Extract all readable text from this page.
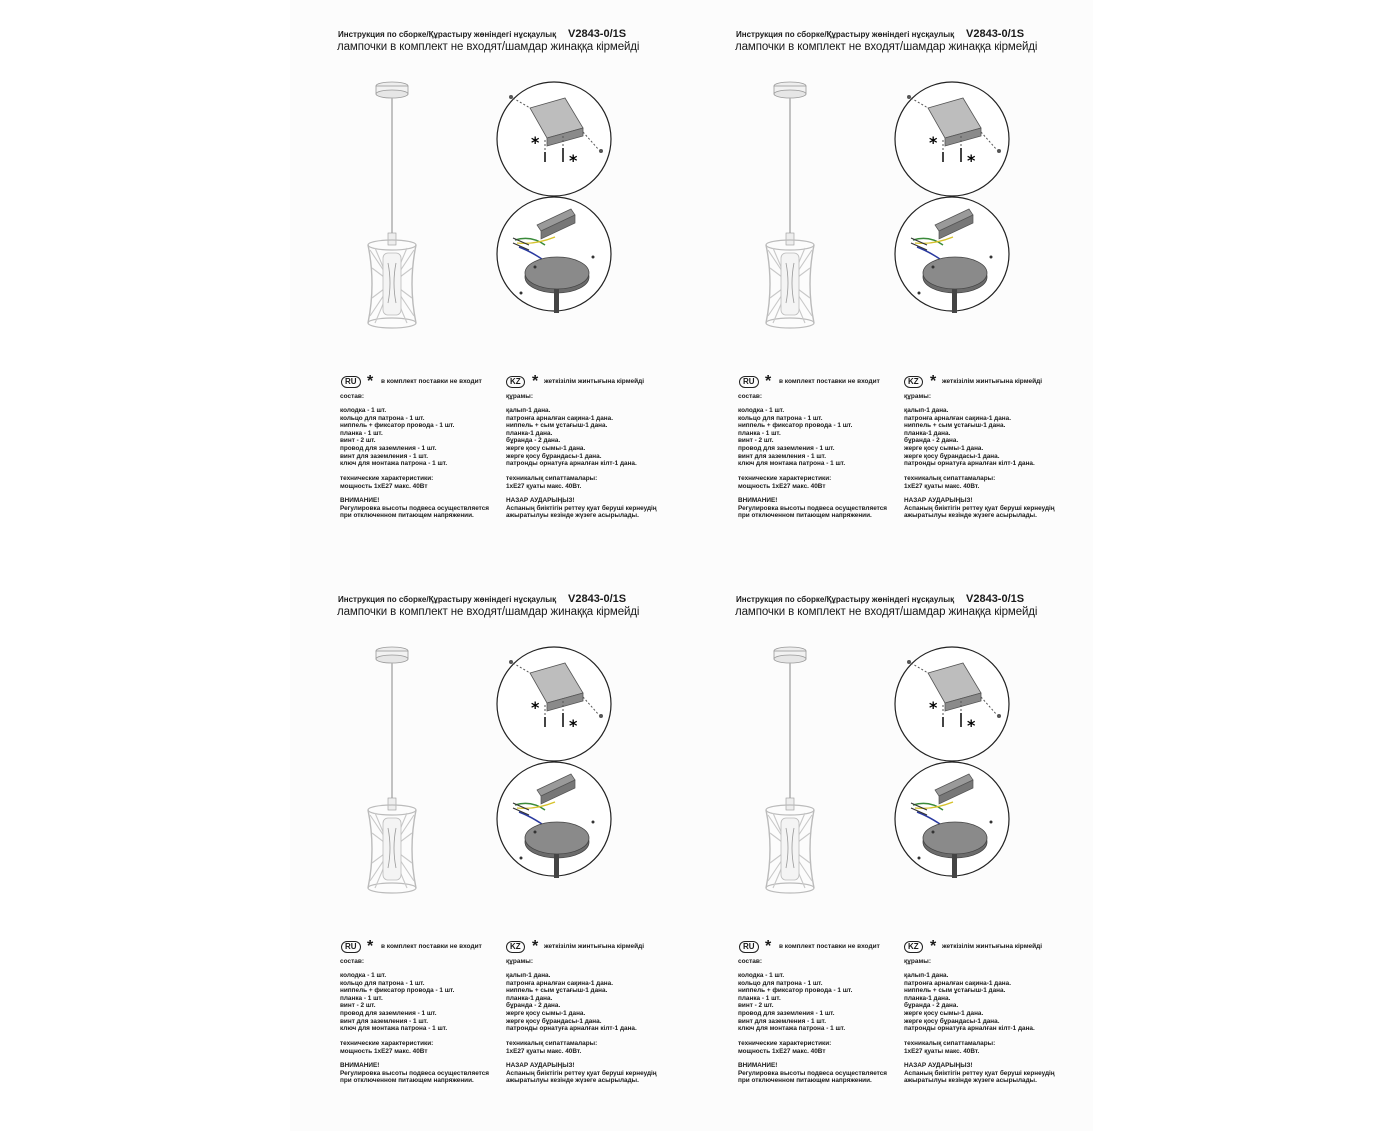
Инструкция по сборке/Құрастыру жөніндегі нұсқаулық V2843-0/1S
лампочки в комплект не входят/шамдар жинаққа кірмейді
*
*
RU * в комплект поставки не входит
состав:
колодка - 1 шт.
кольцо для патрона - 1 шт.
ниппель + фиксатор провода - 1 шт.
планка - 1 шт.
винт - 2 шт.
провод для заземления - 1 шт.
винт для заземления - 1 шт.
ключ для монтажа патрона - 1 шт.
технические характеристики:
мощность 1xE27 макс. 40Вт
ВНИМАНИЕ!
Регулировка высоты подвеса осуществляется
при отключенном питающем напряжении.
KZ * жеткізілім жинтығына кірмейді
құрамы:
қалып-1 дана.
патронға арналған сақина-1 дана.
ниппель + сым ұстағыш-1 дана.
планка-1 дана.
бұранда - 2 дана.
жерге қосу сымы-1 дана.
жерге қосу бұрандасы-1 дана.
патронды орнатуға арналған кілт-1 дана.
техникалық сипаттамалары:
1xE27 қуаты макс. 40Вт.
НАЗАР АУДАРЫҢЫЗ!
Аспаның биіктігін реттеу қуат беруші кернеудің
ажыратылуы кезінде жүзеге асырылады.
Инструкция по сборке/Құрастыру жөніндегі нұсқаулық V2843-0/1S
лампочки в комплект не входят/шамдар жинаққа кірмейді
*
*
RU * в комплект поставки не входит
состав:
колодка - 1 шт.
кольцо для патрона - 1 шт.
ниппель + фиксатор провода - 1 шт.
планка - 1 шт.
винт - 2 шт.
провод для заземления - 1 шт.
винт для заземления - 1 шт.
ключ для монтажа патрона - 1 шт.
технические характеристики:
мощность 1xE27 макс. 40Вт
ВНИМАНИЕ!
Регулировка высоты подвеса осуществляется
при отключенном питающем напряжении.
KZ * жеткізілім жинтығына кірмейді
құрамы:
қалып-1 дана.
патронға арналған сақина-1 дана.
ниппель + сым ұстағыш-1 дана.
планка-1 дана.
бұранда - 2 дана.
жерге қосу сымы-1 дана.
жерге қосу бұрандасы-1 дана.
патронды орнатуға арналған кілт-1 дана.
техникалық сипаттамалары:
1xE27 қуаты макс. 40Вт.
НАЗАР АУДАРЫҢЫЗ!
Аспаның биіктігін реттеу қуат беруші кернеудің
ажыратылуы кезінде жүзеге асырылады.
Инструкция по сборке/Құрастыру жөніндегі нұсқаулық V2843-0/1S
лампочки в комплект не входят/шамдар жинаққа кірмейді
*
*
RU * в комплект поставки не входит
состав:
колодка - 1 шт.
кольцо для патрона - 1 шт.
ниппель + фиксатор провода - 1 шт.
планка - 1 шт.
винт - 2 шт.
провод для заземления - 1 шт.
винт для заземления - 1 шт.
ключ для монтажа патрона - 1 шт.
технические характеристики:
мощность 1xE27 макс. 40Вт
ВНИМАНИЕ!
Регулировка высоты подвеса осуществляется
при отключенном питающем напряжении.
KZ * жеткізілім жинтығына кірмейді
құрамы:
қалып-1 дана.
патронға арналған сақина-1 дана.
ниппель + сым ұстағыш-1 дана.
планка-1 дана.
бұранда - 2 дана.
жерге қосу сымы-1 дана.
жерге қосу бұрандасы-1 дана.
патронды орнатуға арналған кілт-1 дана.
техникалық сипаттамалары:
1xE27 қуаты макс. 40Вт.
НАЗАР АУДАРЫҢЫЗ!
Аспаның биіктігін реттеу қуат беруші кернеудің
ажыратылуы кезінде жүзеге асырылады.
Инструкция по сборке/Құрастыру жөніндегі нұсқаулық V2843-0/1S
лампочки в комплект не входят/шамдар жинаққа кірмейді
*
*
RU * в комплект поставки не входит
состав:
колодка - 1 шт.
кольцо для патрона - 1 шт.
ниппель + фиксатор провода - 1 шт.
планка - 1 шт.
винт - 2 шт.
провод для заземления - 1 шт.
винт для заземления - 1 шт.
ключ для монтажа патрона - 1 шт.
технические характеристики:
мощность 1xE27 макс. 40Вт
ВНИМАНИЕ!
Регулировка высоты подвеса осуществляется
при отключенном питающем напряжении.
KZ * жеткізілім жинтығына кірмейді
құрамы:
қалып-1 дана.
патронға арналған сақина-1 дана.
ниппель + сым ұстағыш-1 дана.
планка-1 дана.
бұранда - 2 дана.
жерге қосу сымы-1 дана.
жерге қосу бұрандасы-1 дана.
патронды орнатуға арналған кілт-1 дана.
техникалық сипаттамалары:
1xE27 қуаты макс. 40Вт.
НАЗАР АУДАРЫҢЫЗ!
Аспаның биіктігін реттеу қуат беруші кернеудің
ажыратылуы кезінде жүзеге асырылады.
